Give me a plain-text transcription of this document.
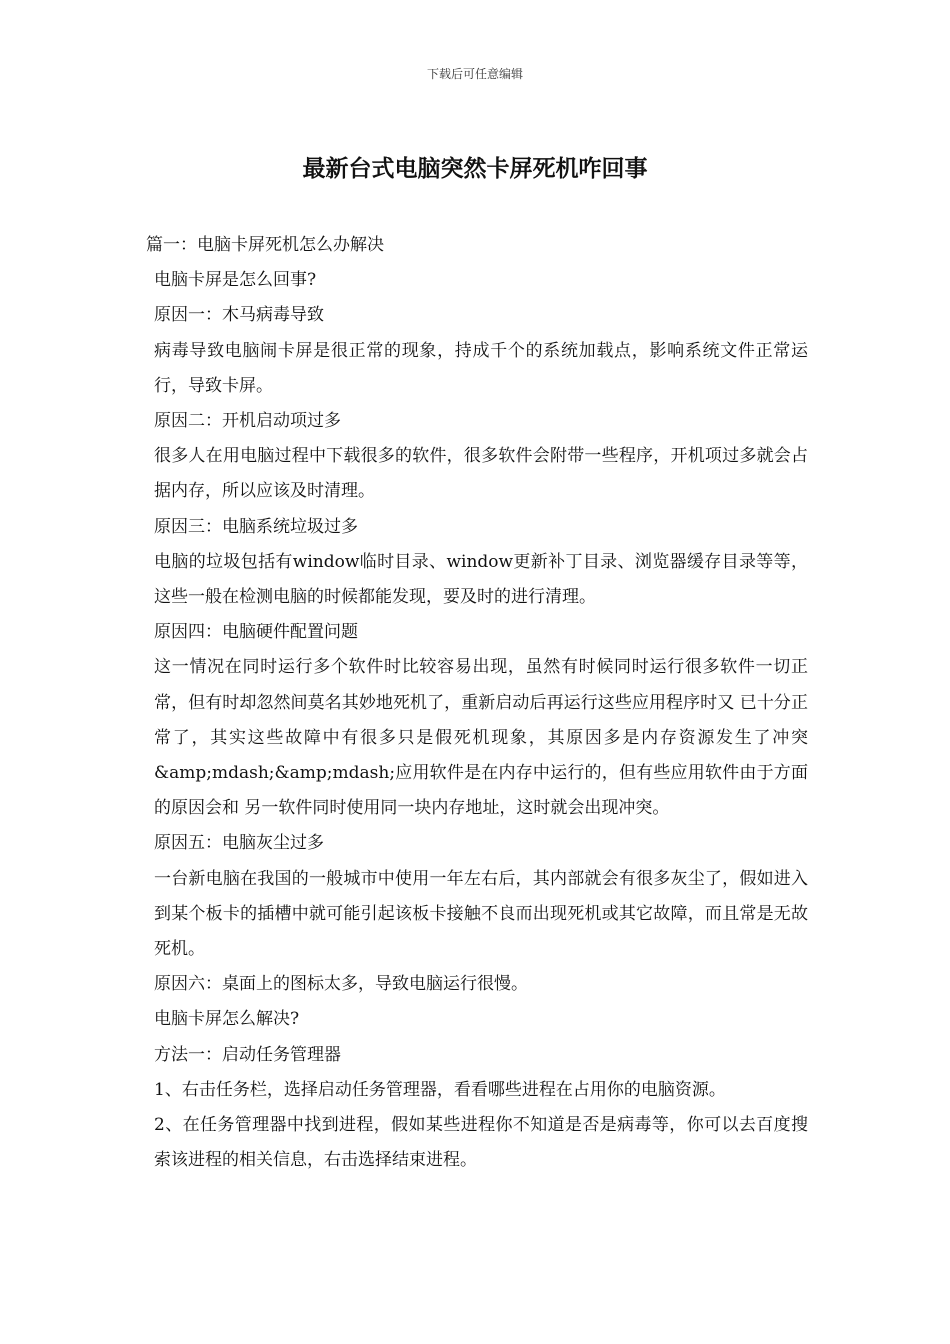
下载后可任意编辑
最新台式电脑突然卡屏死机咋回事

篇一：电脑卡屏死机怎么办解决

电脑卡屏是怎么回事?

原因一：木马病毒导致

病毒导致电脑闹卡屏是很正常的现象，持成千个的系统加载点，影响系统文件正常运行，导致卡屏。

原因二：开机启动项过多

很多人在用电脑过程中下载很多的软件，很多软件会附带一些程序，开机项过多就会占据内存，所以应该及时清理。

原因三：电脑系统垃圾过多

电脑的垃圾包括有window临时目录、window更新补丁目录、浏览器缓存目录等等，这些一般在检测电脑的时候都能发现，要及时的进行清理。

原因四：电脑硬件配置问题

这一情况在同时运行多个软件时比较容易出现，虽然有时候同时运行很多软件一切正常，但有时却忽然间莫名其妙地死机了，重新启动后再运行这些应用程序时又 已十分正常了，其实这些故障中有很多只是假死机现象，其原因多是内存资源发生了冲突&amp;mdash;&amp;mdash;应用软件是在内存中运行的，但有些应用软件由于方面的原因会和 另一软件同时使用同一块内存地址，这时就会出现冲突。

原因五：电脑灰尘过多

一台新电脑在我国的一般城市中使用一年左右后，其内部就会有很多灰尘了，假如进入到某个板卡的插槽中就可能引起该板卡接触不良而出现死机或其它故障，而且常是无故死机。

原因六：桌面上的图标太多，导致电脑运行很慢。

电脑卡屏怎么解决?

方法一：启动任务管理器

1、右击任务栏，选择启动任务管理器，看看哪些进程在占用你的电脑资源。

2、在任务管理器中找到进程，假如某些进程你不知道是否是病毒等，你可以去百度搜索该进程的相关信息，右击选择结束进程。
